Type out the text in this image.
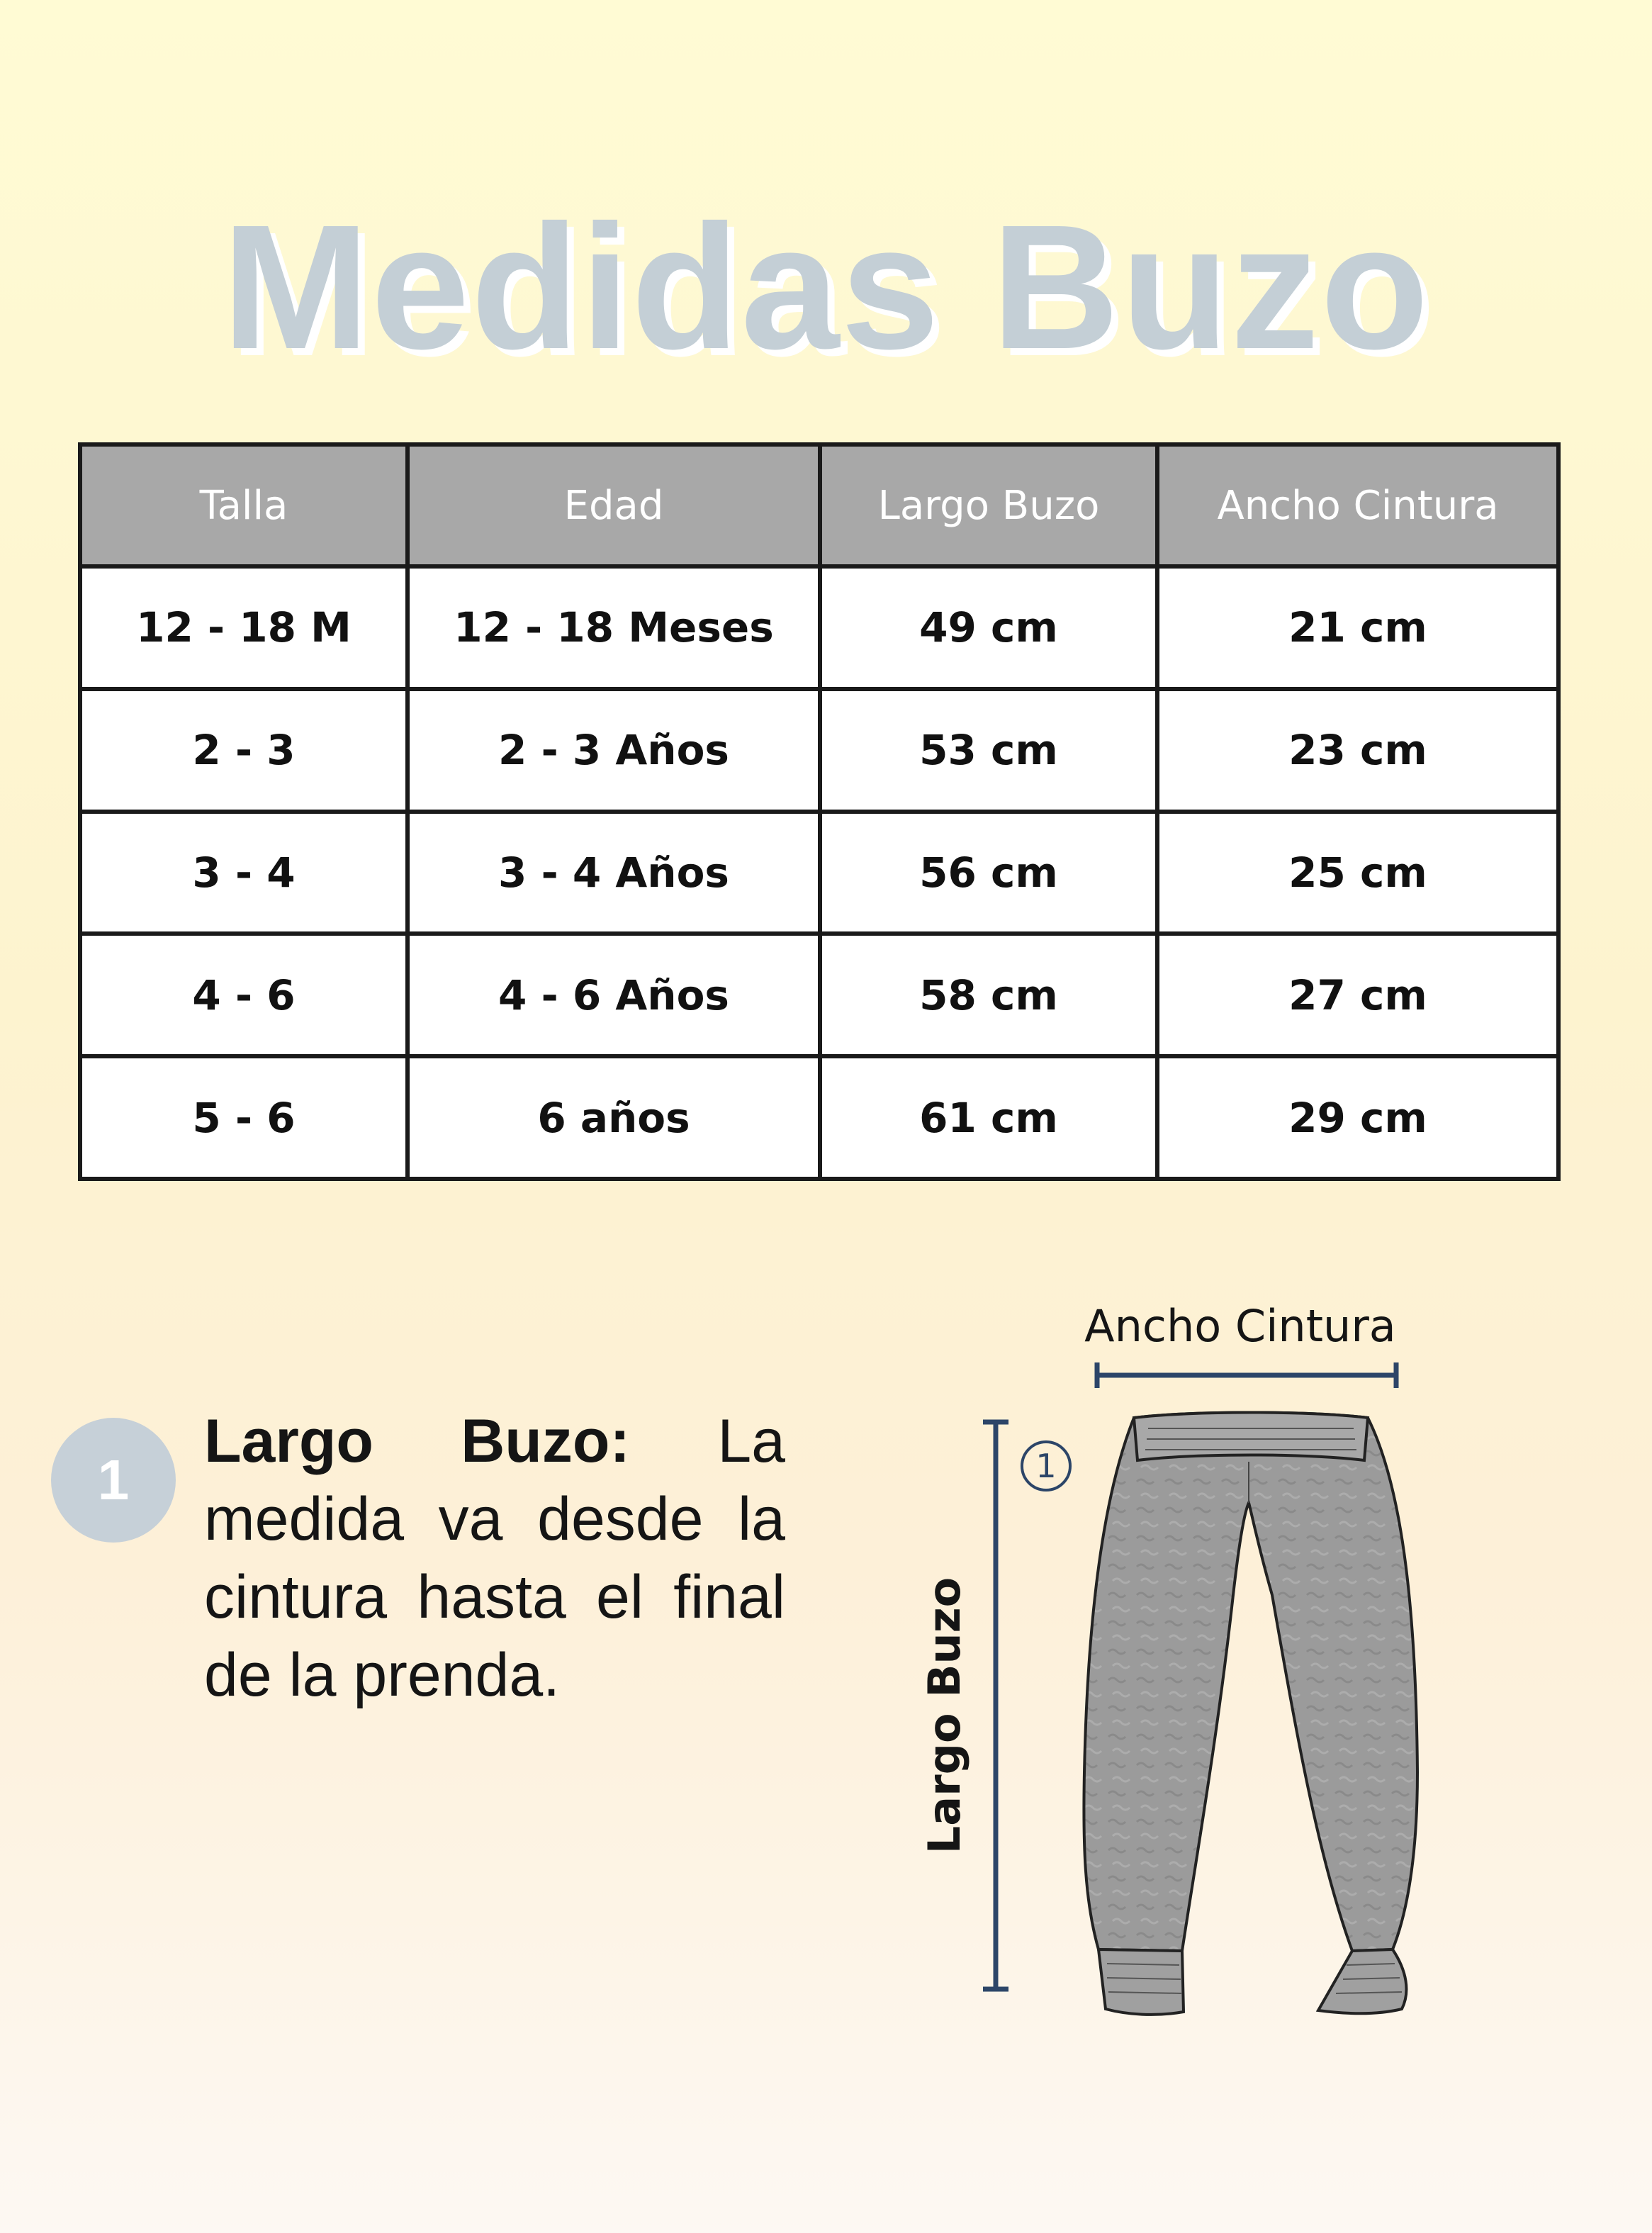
Medidas Buzo
Talla	Edad	Largo Buzo	Ancho Cintura
12 - 18 M	12 - 18 Meses	49 cm	21 cm
2 - 3	2 - 3 Años	53 cm	23 cm
3 - 4	3 - 4 Años	56 cm	25 cm
4 - 6	4 - 6 Años	58 cm	27 cm
5 - 6	6 años	61 cm	29 cm
1
Largo Buzo: La medida va desde la cintura hasta el final de la prenda.
Ancho Cintura
1
Largo Buzo
